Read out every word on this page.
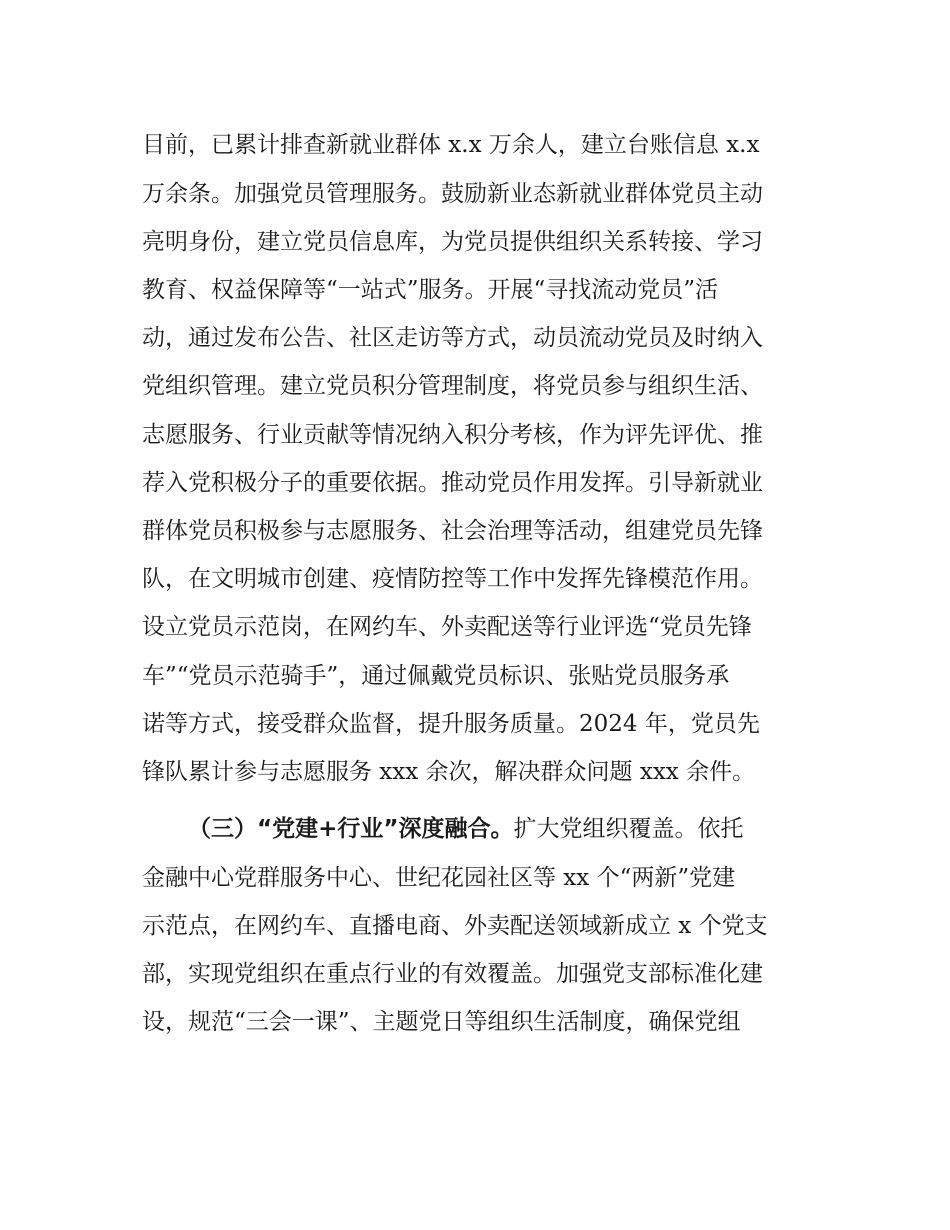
目前，已累计排查新就业群体 x.x 万余人，建立台账信息 x.x
万余条。加强党员管理服务。鼓励新业态新就业群体党员主动
亮明身份，建立党员信息库，为党员提供组织关系转接、学习
教育、权益保障等“一站式”服务。开展“寻找流动党员”活
动，通过发布公告、社区走访等方式，动员流动党员及时纳入
党组织管理。建立党员积分管理制度，将党员参与组织生活、
志愿服务、行业贡献等情况纳入积分考核，作为评先评优、推
荐入党积极分子的重要依据。推动党员作用发挥。引导新就业
群体党员积极参与志愿服务、社会治理等活动，组建党员先锋
队，在文明城市创建、疫情防控等工作中发挥先锋模范作用。
设立党员示范岗，在网约车、外卖配送等行业评选“党员先锋
车”“党员示范骑手”，通过佩戴党员标识、张贴党员服务承
诺等方式，接受群众监督，提升服务质量。2024 年，党员先
锋队累计参与志愿服务 xxx 余次，解决群众问题 xxx 余件。
（三）“党建+行业”深度融合。扩大党组织覆盖。依托
金融中心党群服务中心、世纪花园社区等 xx 个“两新”党建
示范点，在网约车、直播电商、外卖配送领域新成立 x 个党支
部，实现党组织在重点行业的有效覆盖。加强党支部标准化建
设，规范“三会一课”、主题党日等组织生活制度，确保党组
